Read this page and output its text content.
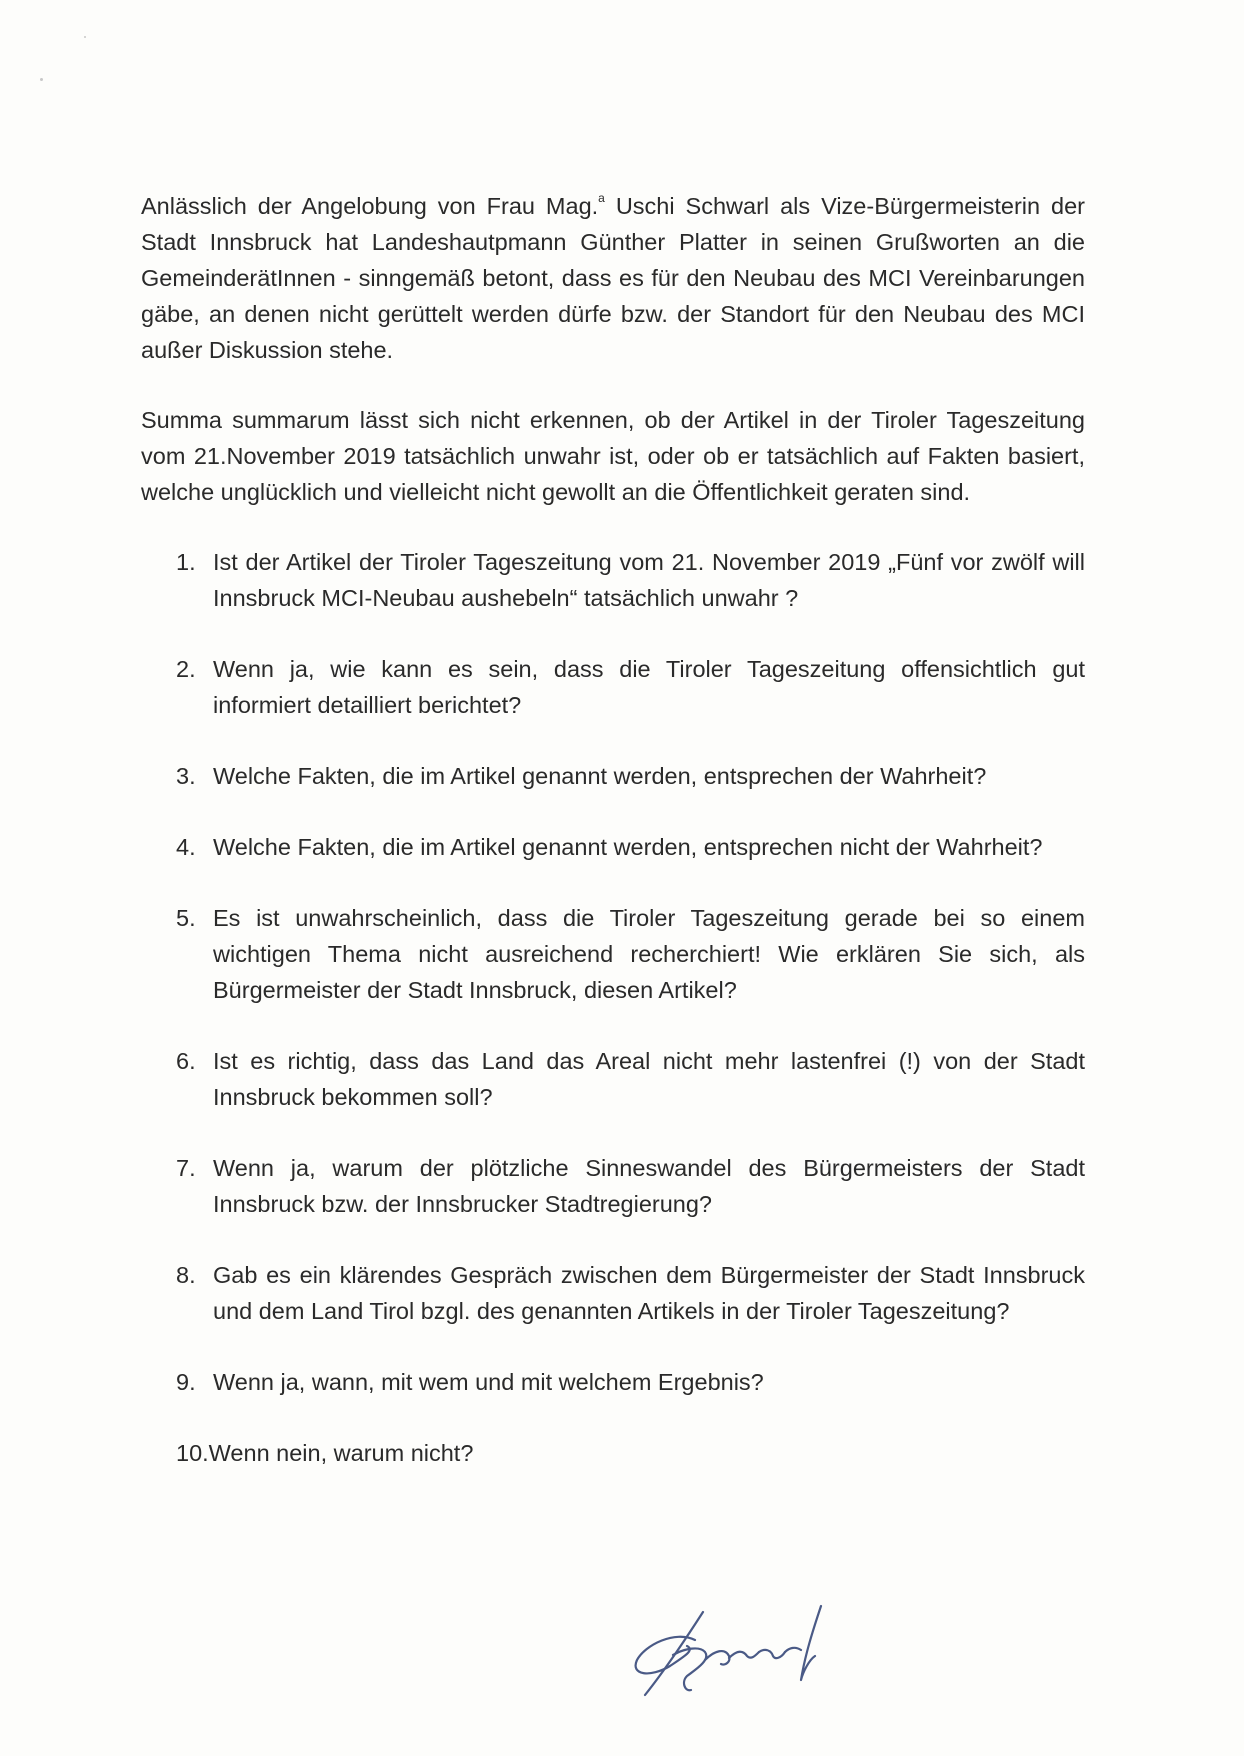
Anlässlich der Angelobung von Frau Mag.$^a$ Uschi Schwarl als Vize-Bürgermeisterin der Stadt Innsbruck hat Landeshautpmann Günther Platter in seinen Grußworten an die GemeinderätInnen - sinngemäß betont, dass es für den Neubau des MCI Vereinbarungen gäbe, an denen nicht gerüttelt werden dürfe bzw. der Standort für den Neubau des MCI außer Diskussion stehe.

Summa summarum lässt sich nicht erkennen, ob der Artikel in der Tiroler Tageszeitung vom 21.November 2019 tatsächlich unwahr ist, oder ob er tatsächlich auf Fakten basiert, welche unglücklich und vielleicht nicht gewollt an die Öffentlichkeit geraten sind.

1. Ist der Artikel der Tiroler Tageszeitung vom 21. November 2019 „Fünf vor zwölf will Innsbruck MCI-Neubau aushebeln“ tatsächlich unwahr ?
2. Wenn ja, wie kann es sein, dass die Tiroler Tageszeitung offensichtlich gut informiert detailliert berichtet?
3. Welche Fakten, die im Artikel genannt werden, entsprechen der Wahrheit?
4. Welche Fakten, die im Artikel genannt werden, entsprechen nicht der Wahrheit?
5. Es ist unwahrscheinlich, dass die Tiroler Tageszeitung gerade bei so einem wichtigen Thema nicht ausreichend recherchiert! Wie erklären Sie sich, als Bürgermeister der Stadt Innsbruck, diesen Artikel?
6. Ist es richtig, dass das Land das Areal nicht mehr lastenfrei (!) von der Stadt Innsbruck bekommen soll?
7. Wenn ja, warum der plötzliche Sinneswandel des Bürgermeisters der Stadt Innsbruck bzw. der Innsbrucker Stadtregierung?
8. Gab es ein klärendes Gespräch zwischen dem Bürgermeister der Stadt Innsbruck und dem Land Tirol bzgl. des genannten Artikels in der Tiroler Tageszeitung?
9. Wenn ja, wann, mit wem und mit welchem Ergebnis?
10.Wenn nein, warum nicht?
